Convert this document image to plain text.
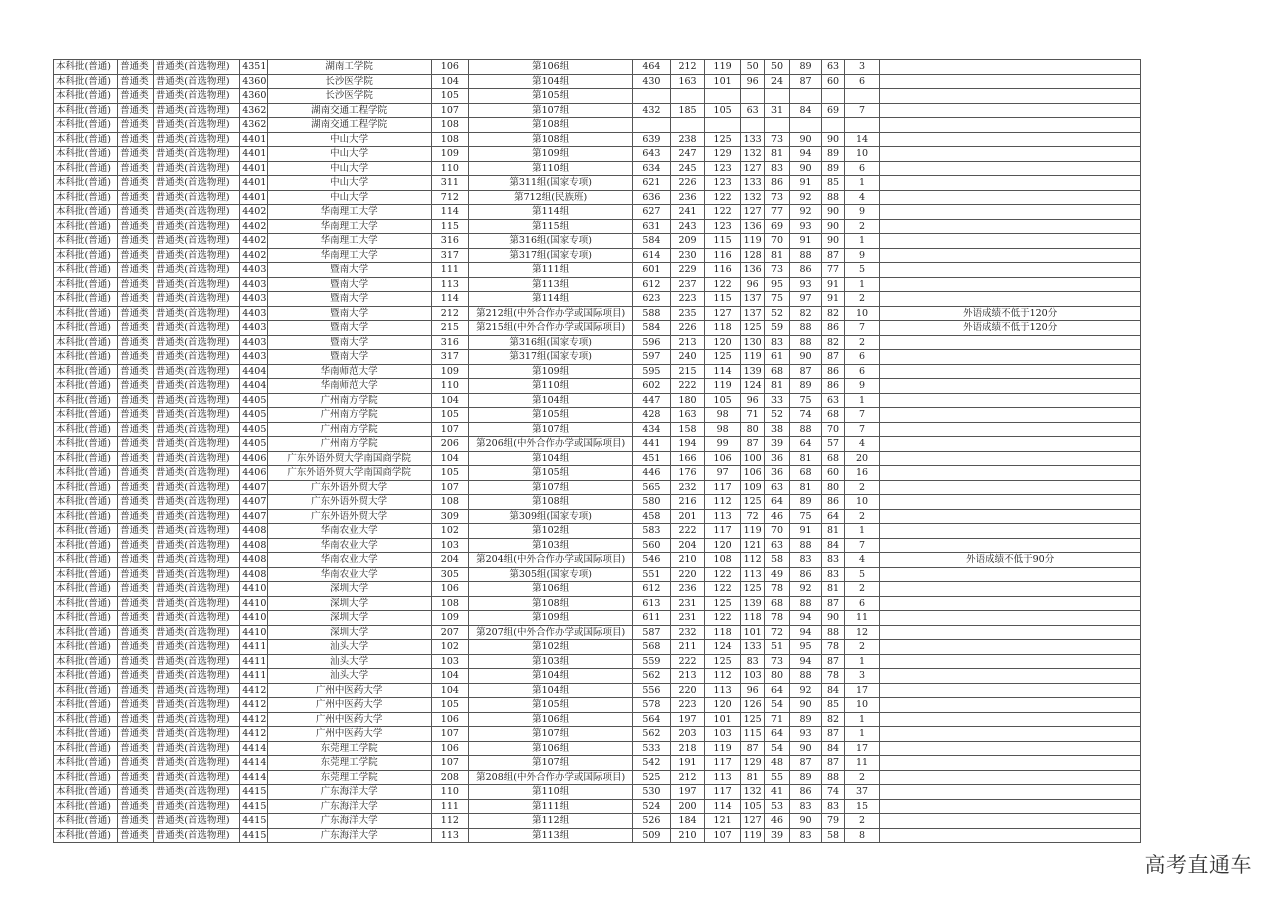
本科批(普通)	普通类	普通类(首选物理)	4351	湖南工学院	106	第106组	464	212	119	50	50	89	63	3	
本科批(普通)	普通类	普通类(首选物理)	4360	长沙医学院	104	第104组	430	163	101	96	24	87	60	6	
本科批(普通)	普通类	普通类(首选物理)	4360	长沙医学院	105	第105组									
本科批(普通)	普通类	普通类(首选物理)	4362	湖南交通工程学院	107	第107组	432	185	105	63	31	84	69	7	
本科批(普通)	普通类	普通类(首选物理)	4362	湖南交通工程学院	108	第108组									
本科批(普通)	普通类	普通类(首选物理)	4401	中山大学	108	第108组	639	238	125	133	73	90	90	14	
本科批(普通)	普通类	普通类(首选物理)	4401	中山大学	109	第109组	643	247	129	132	81	94	89	10	
本科批(普通)	普通类	普通类(首选物理)	4401	中山大学	110	第110组	634	245	123	127	83	90	89	6	
本科批(普通)	普通类	普通类(首选物理)	4401	中山大学	311	第311组(国家专项)	621	226	123	133	86	91	85	1	
本科批(普通)	普通类	普通类(首选物理)	4401	中山大学	712	第712组(民族班)	636	236	122	132	73	92	88	4	
本科批(普通)	普通类	普通类(首选物理)	4402	华南理工大学	114	第114组	627	241	122	127	77	92	90	9	
本科批(普通)	普通类	普通类(首选物理)	4402	华南理工大学	115	第115组	631	243	123	136	69	93	90	2	
本科批(普通)	普通类	普通类(首选物理)	4402	华南理工大学	316	第316组(国家专项)	584	209	115	119	70	91	90	1	
本科批(普通)	普通类	普通类(首选物理)	4402	华南理工大学	317	第317组(国家专项)	614	230	116	128	81	88	87	9	
本科批(普通)	普通类	普通类(首选物理)	4403	暨南大学	111	第111组	601	229	116	136	73	86	77	5	
本科批(普通)	普通类	普通类(首选物理)	4403	暨南大学	113	第113组	612	237	122	96	95	93	91	1	
本科批(普通)	普通类	普通类(首选物理)	4403	暨南大学	114	第114组	623	223	115	137	75	97	91	2	
本科批(普通)	普通类	普通类(首选物理)	4403	暨南大学	212	第212组(中外合作办学或国际项目)	588	235	127	137	52	82	82	10	外语成绩不低于120分
本科批(普通)	普通类	普通类(首选物理)	4403	暨南大学	215	第215组(中外合作办学或国际项目)	584	226	118	125	59	88	86	7	外语成绩不低于120分
本科批(普通)	普通类	普通类(首选物理)	4403	暨南大学	316	第316组(国家专项)	596	213	120	130	83	88	82	2	
本科批(普通)	普通类	普通类(首选物理)	4403	暨南大学	317	第317组(国家专项)	597	240	125	119	61	90	87	6	
本科批(普通)	普通类	普通类(首选物理)	4404	华南师范大学	109	第109组	595	215	114	139	68	87	86	6	
本科批(普通)	普通类	普通类(首选物理)	4404	华南师范大学	110	第110组	602	222	119	124	81	89	86	9	
本科批(普通)	普通类	普通类(首选物理)	4405	广州南方学院	104	第104组	447	180	105	96	33	75	63	1	
本科批(普通)	普通类	普通类(首选物理)	4405	广州南方学院	105	第105组	428	163	98	71	52	74	68	7	
本科批(普通)	普通类	普通类(首选物理)	4405	广州南方学院	107	第107组	434	158	98	80	38	88	70	7	
本科批(普通)	普通类	普通类(首选物理)	4405	广州南方学院	206	第206组(中外合作办学或国际项目)	441	194	99	87	39	64	57	4	
本科批(普通)	普通类	普通类(首选物理)	4406	广东外语外贸大学南国商学院	104	第104组	451	166	106	100	36	81	68	20	
本科批(普通)	普通类	普通类(首选物理)	4406	广东外语外贸大学南国商学院	105	第105组	446	176	97	106	36	68	60	16	
本科批(普通)	普通类	普通类(首选物理)	4407	广东外语外贸大学	107	第107组	565	232	117	109	63	81	80	2	
本科批(普通)	普通类	普通类(首选物理)	4407	广东外语外贸大学	108	第108组	580	216	112	125	64	89	86	10	
本科批(普通)	普通类	普通类(首选物理)	4407	广东外语外贸大学	309	第309组(国家专项)	458	201	113	72	46	75	64	2	
本科批(普通)	普通类	普通类(首选物理)	4408	华南农业大学	102	第102组	583	222	117	119	70	91	81	1	
本科批(普通)	普通类	普通类(首选物理)	4408	华南农业大学	103	第103组	560	204	120	121	63	88	84	7	
本科批(普通)	普通类	普通类(首选物理)	4408	华南农业大学	204	第204组(中外合作办学或国际项目)	546	210	108	112	58	83	83	4	外语成绩不低于90分
本科批(普通)	普通类	普通类(首选物理)	4408	华南农业大学	305	第305组(国家专项)	551	220	122	113	49	86	83	5	
本科批(普通)	普通类	普通类(首选物理)	4410	深圳大学	106	第106组	612	236	122	125	78	92	81	2	
本科批(普通)	普通类	普通类(首选物理)	4410	深圳大学	108	第108组	613	231	125	139	68	88	87	6	
本科批(普通)	普通类	普通类(首选物理)	4410	深圳大学	109	第109组	611	231	122	118	78	94	90	11	
本科批(普通)	普通类	普通类(首选物理)	4410	深圳大学	207	第207组(中外合作办学或国际项目)	587	232	118	101	72	94	88	12	
本科批(普通)	普通类	普通类(首选物理)	4411	汕头大学	102	第102组	568	211	124	133	51	95	78	2	
本科批(普通)	普通类	普通类(首选物理)	4411	汕头大学	103	第103组	559	222	125	83	73	94	87	1	
本科批(普通)	普通类	普通类(首选物理)	4411	汕头大学	104	第104组	562	213	112	103	80	88	78	3	
本科批(普通)	普通类	普通类(首选物理)	4412	广州中医药大学	104	第104组	556	220	113	96	64	92	84	17	
本科批(普通)	普通类	普通类(首选物理)	4412	广州中医药大学	105	第105组	578	223	120	126	54	90	85	10	
本科批(普通)	普通类	普通类(首选物理)	4412	广州中医药大学	106	第106组	564	197	101	125	71	89	82	1	
本科批(普通)	普通类	普通类(首选物理)	4412	广州中医药大学	107	第107组	562	203	103	115	64	93	87	1	
本科批(普通)	普通类	普通类(首选物理)	4414	东莞理工学院	106	第106组	533	218	119	87	54	90	84	17	
本科批(普通)	普通类	普通类(首选物理)	4414	东莞理工学院	107	第107组	542	191	117	129	48	87	87	11	
本科批(普通)	普通类	普通类(首选物理)	4414	东莞理工学院	208	第208组(中外合作办学或国际项目)	525	212	113	81	55	89	88	2	
本科批(普通)	普通类	普通类(首选物理)	4415	广东海洋大学	110	第110组	530	197	117	132	41	86	74	37	
本科批(普通)	普通类	普通类(首选物理)	4415	广东海洋大学	111	第111组	524	200	114	105	53	83	83	15	
本科批(普通)	普通类	普通类(首选物理)	4415	广东海洋大学	112	第112组	526	184	121	127	46	90	79	2	
本科批(普通)	普通类	普通类(首选物理)	4415	广东海洋大学	113	第113组	509	210	107	119	39	83	58	8	
高考直通车
